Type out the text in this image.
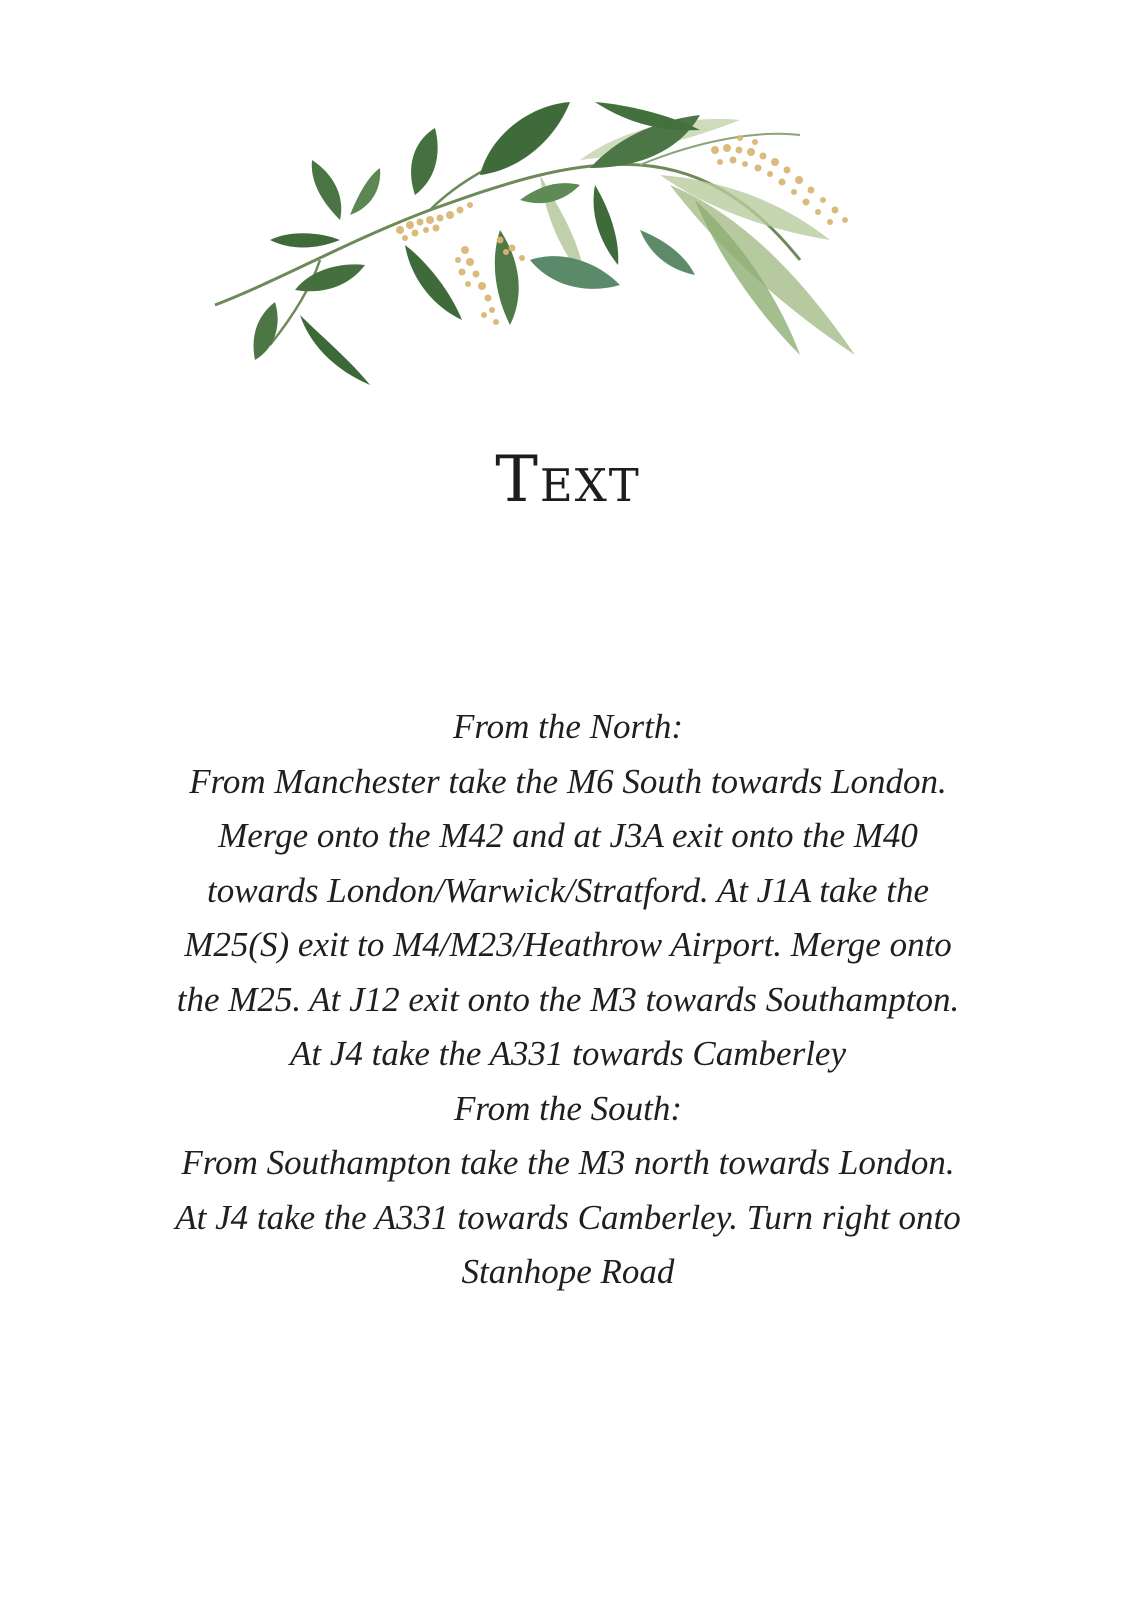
Text
From the North:
From Manchester take the M6 South towards London.
Merge onto the M42 and at J3A exit onto the M40
towards London/Warwick/Stratford. At J1A take the
M25(S) exit to M4/M23/Heathrow Airport. Merge onto
the M25. At J12 exit onto the M3 towards Southampton.
At J4 take the A331 towards Camberley
From the South:
From Southampton take the M3 north towards London.
At J4 take the A331 towards Camberley. Turn right onto
Stanhope Road
